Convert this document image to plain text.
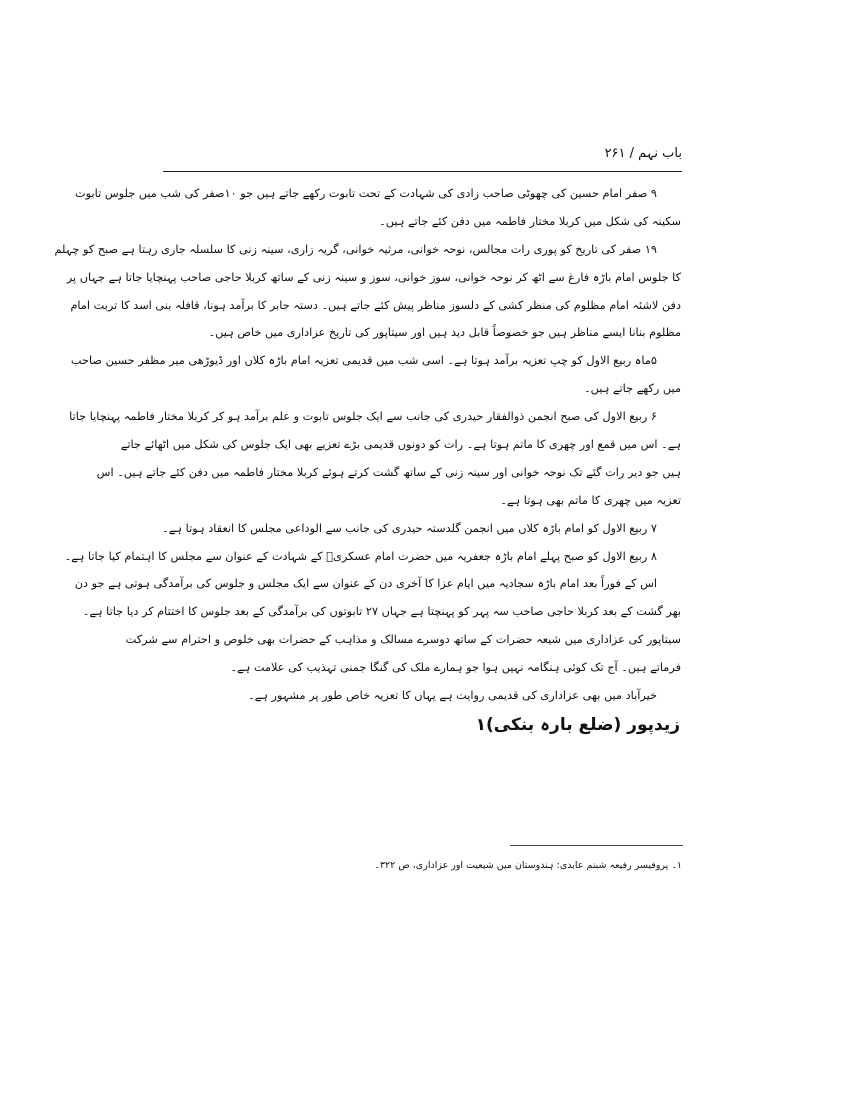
باب نہم / ۲۶۱
۹ صفر امام حسین کی چھوٹی صاحب زادی کی شہادت کے تحت تابوت رکھے جاتے ہیں جو ۱۰صفر کی شب میں جلوس تابوت
سکینہ کی شکل میں کربلا مختار فاطمہ میں دفن کئے جاتے ہیں۔
۱۹ صفر کی تاریخ کو پوری رات مجالس، نوحہ خوانی، مرثیہ خوانی، گریہ زاری، سینہ زنی کا سلسلہ جاری رہتا ہے صبح کو چہلم
کا جلوس امام باڑہ فارغ سے اٹھ کر نوحہ خوانی، سوز خوانی، سوز و سینہ زنی کے ساتھ کربلا حاجی صاحب پہنچایا جاتا ہے جہاں پر
دفن لاشئہ امام مظلوم کی منظر کشی کے دلسوز مناظر پیش کئے جاتے ہیں۔ دستہ جابر کا برآمد ہونا، قافلہ بنی اسد کا تربت امام
مظلوم بنانا ایسے مناظر ہیں جو خصوصاً قابل دید ہیں اور سیتاپور کی تاریخ عزاداری میں خاص ہیں۔
۵ماہ ربیع الاول کو چپ تعزیہ برآمد ہوتا ہے۔ اسی شب میں قدیمی تعزیہ امام باڑہ کلاں اور ڈیوڑھی میر مظفر حسین صاحب
میں رکھے جاتے ہیں۔
۶ ربیع الاول کی صبح انجمن ذوالفقار حیدری کی جانب سے ایک جلوس تابوت و علم برآمد ہو کر کربلا مختار فاطمہ پہنچایا جاتا
ہے۔ اس میں قمع اور چھری کا ماتم ہوتا ہے۔ رات کو دونوں قدیمی بڑے تعزیے بھی ایک جلوس کی شکل میں اٹھائے جاتے
ہیں جو دیر رات گئے تک نوحہ خوانی اور سینہ زنی کے ساتھ گشت کرتے ہوئے کربلا مختار فاطمہ میں دفن کئے جاتے ہیں۔ اس
تعزیہ میں چھری کا ماتم بھی ہوتا ہے۔
۷ ربیع الاول کو امام باڑہ کلاں میں انجمن گلدستہ حیدری کی جانب سے الوداعی مجلس کا انعقاد ہوتا ہے۔
۸ ربیع الاول کو صبح پہلے امام باڑہ جعفریہ میں حضرت امام عسکریؑ کے شہادت کے عنوان سے مجلس کا اہتمام کیا جاتا ہے۔
اس کے فوراً بعد امام باڑہ سجادیہ میں ایام عزا کا آخری دن کے عنوان سے ایک مجلس و جلوس کی برآمدگی ہوتی ہے جو دن
بھر گشت کے بعد کربلا حاجی صاحب سہ پہر کو پہنچتا ہے جہاں ۲۷ تابوتوں کی برآمدگی کے بعد جلوس کا اختتام کر دیا جاتا ہے۔
سیتاپور کی عزاداری میں شیعہ حضرات کے ساتھ دوسرے مسالک و مذاہب کے حضرات بھی خلوص و احترام سے شرکت
فرماتے ہیں۔ آج تک کوئی ہنگامہ نہیں ہوا جو ہمارے ملک کی گنگا جمنی تہذیب کی علامت ہے۔
خیرآباد میں بھی عزاداری کی قدیمی روایت ہے یہاں کا تعزیہ خاص طور پر مشہور ہے۔
زیدپور (ضلع بارہ بنکی)۱
۱۔ پروفیسر رفیعہ شبنم عابدی: ہندوستان میں شیعیت اور عزاداری، ص ۳۲۲۔
